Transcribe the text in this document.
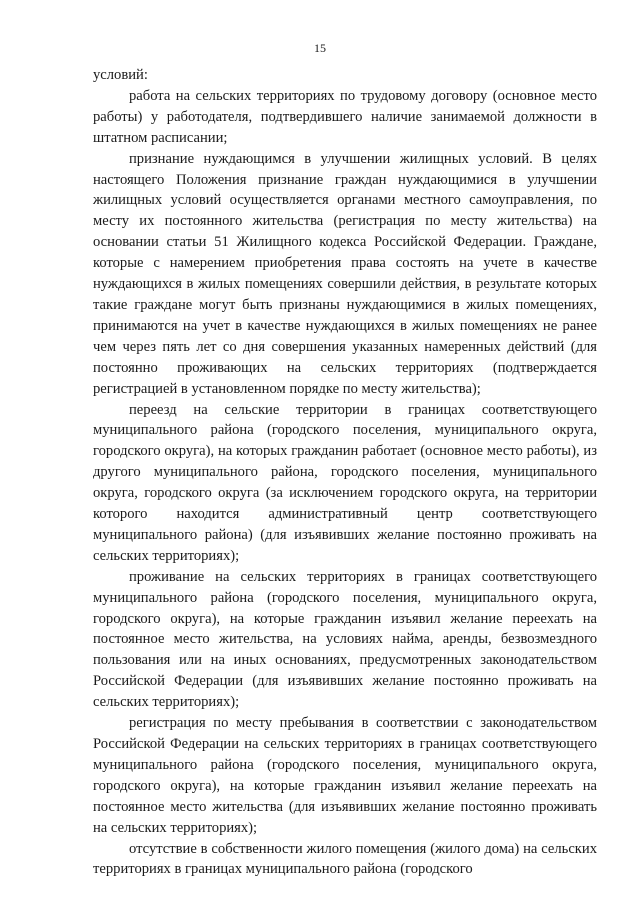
15

условий:

работа на сельских территориях по трудовому договору (основное место работы) у работодателя, подтвердившего наличие занимаемой должности в штатном расписании;

признание нуждающимся в улучшении жилищных условий. В целях настоящего Положения признание граждан нуждающимися в улучшении жилищных условий осуществляется органами местного самоуправления, по месту их постоянного жительства (регистрация по месту жительства) на основании статьи 51 Жилищного кодекса Российской Федерации. Граждане, которые с намерением приобретения права состоять на учете в качестве нуждающихся в жилых помещениях совершили действия, в результате которых такие граждане могут быть признаны нуждающимися в жилых помещениях, принимаются на учет в качестве нуждающихся в жилых помещениях не ранее чем через пять лет со дня совершения указанных намеренных действий (для постоянно проживающих на сельских территориях (подтверждается регистрацией в установленном порядке по месту жительства);

переезд на сельские территории в границах соответствующего муниципального района (городского поселения, муниципального округа, городского округа), на которых гражданин работает (основное место работы), из другого муниципального района, городского поселения, муниципального округа, городского округа (за исключением городского округа, на территории которого находится административный центр соответствующего муниципального района) (для изъявивших желание постоянно проживать на сельских территориях);

проживание на сельских территориях в границах соответствующего муниципального района (городского поселения, муниципального округа, городского округа), на которые гражданин изъявил желание переехать на постоянное место жительства, на условиях найма, аренды, безвозмездного пользования или на иных основаниях, предусмотренных законодательством Российской Федерации (для изъявивших желание постоянно проживать на сельских территориях);

регистрация по месту пребывания в соответствии с законодательством Российской Федерации на сельских территориях в границах соответствующего муниципального района (городского поселения, муниципального округа, городского округа), на которые гражданин изъявил желание переехать на постоянное место жительства (для изъявивших желание постоянно проживать на сельских территориях);

отсутствие в собственности жилого помещения (жилого дома) на сельских территориях в границах муниципального района (городского
